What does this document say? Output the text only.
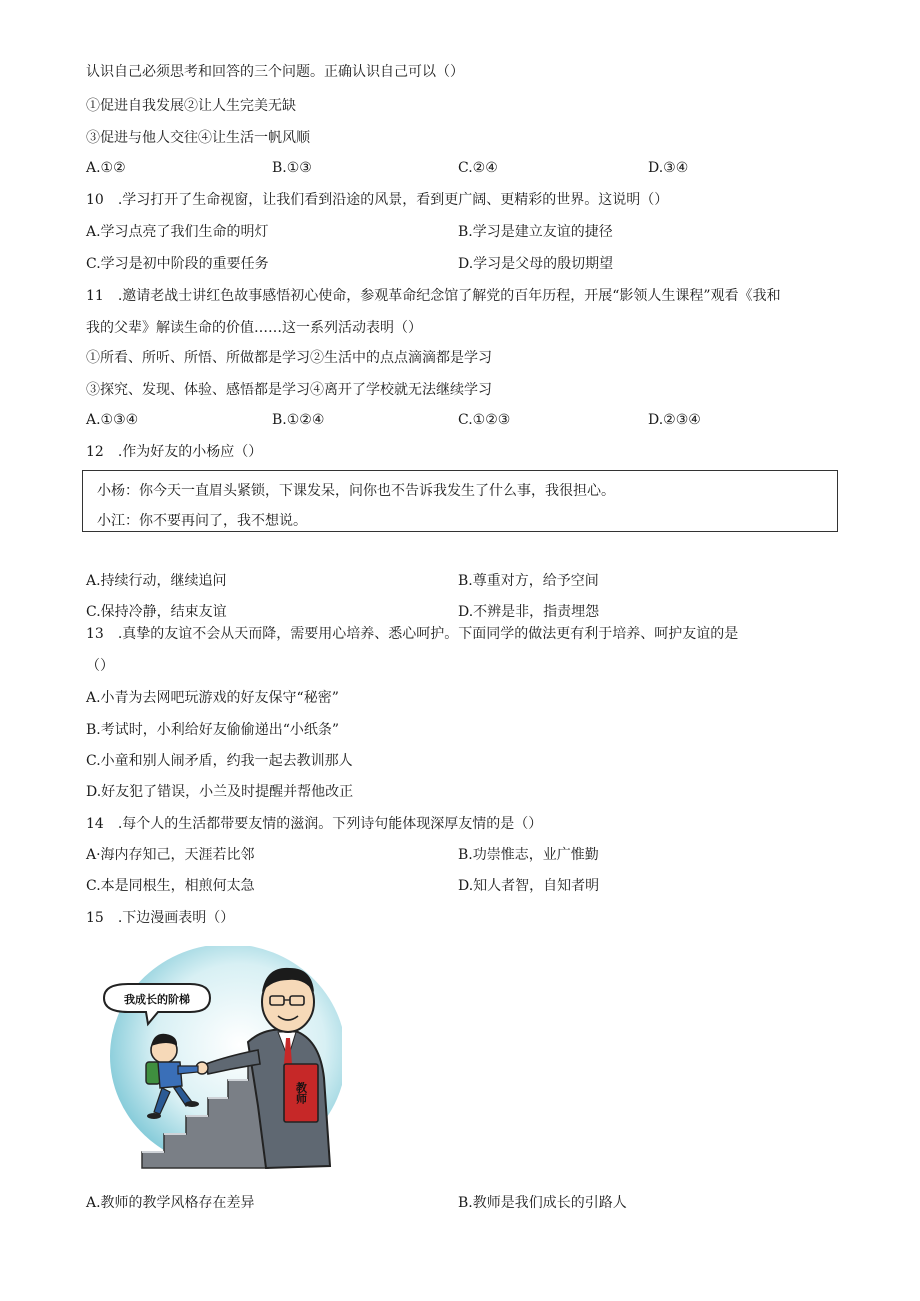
认识自己必须思考和回答的三个问题。正确认识自己可以（）
①促进自我发展②让人生完美无缺
③促进与他人交往④让生活一帆风顺
A.①②	B.①③	C.②④	D.③④
10　.学习打开了生命视窗，让我们看到沿途的风景，看到更广阔、更精彩的世界。这说明（）
A.学习点亮了我们生命的明灯	B.学习是建立友谊的捷径
C.学习是初中阶段的重要任务	D.学习是父母的殷切期望
11　.邀请老战士讲红色故事感悟初心使命，参观革命纪念馆了解党的百年历程，开展“影领人生课程”观看《我和
我的父辈》解读生命的价值……这一系列活动表明（）
①所看、所听、所悟、所做都是学习②生活中的点点滴滴都是学习
③探究、发现、体验、感悟都是学习④离开了学校就无法继续学习
A.①③④	B.①②④	C.①②③	D.②③④
12　.作为好友的小杨应（）
小杨：你今天一直眉头紧锁，下课发呆，问你也不告诉我发生了什么事，我很担心。
小江：你不要再问了，我不想说。
A.持续行动，继续追问	B.尊重对方，给予空间
C.保持冷静，结束友谊	D.不辨是非，指责埋怨
13　.真挚的友谊不会从天而降，需要用心培养、悉心呵护。下面同学的做法更有利于培养、呵护友谊的是
（）
A.小青为去网吧玩游戏的好友保守“秘密”
B.考试时，小利给好友偷偷递出“小纸条”
C.小童和别人闹矛盾，约我一起去教训那人
D.好友犯了错误，小兰及时提醒并帮他改正
14　.每个人的生活都带要友情的滋润。下列诗句能体现深厚友情的是（）
A·海内存知己，天涯若比邻	B.功崇惟志，业广惟勤
C.本是同根生，相煎何太急	D.知人者智，自知者明
15　.下边漫画表明（）
我成长的阶梯
教师
A.教师的教学风格存在差异	B.教师是我们成长的引路人
